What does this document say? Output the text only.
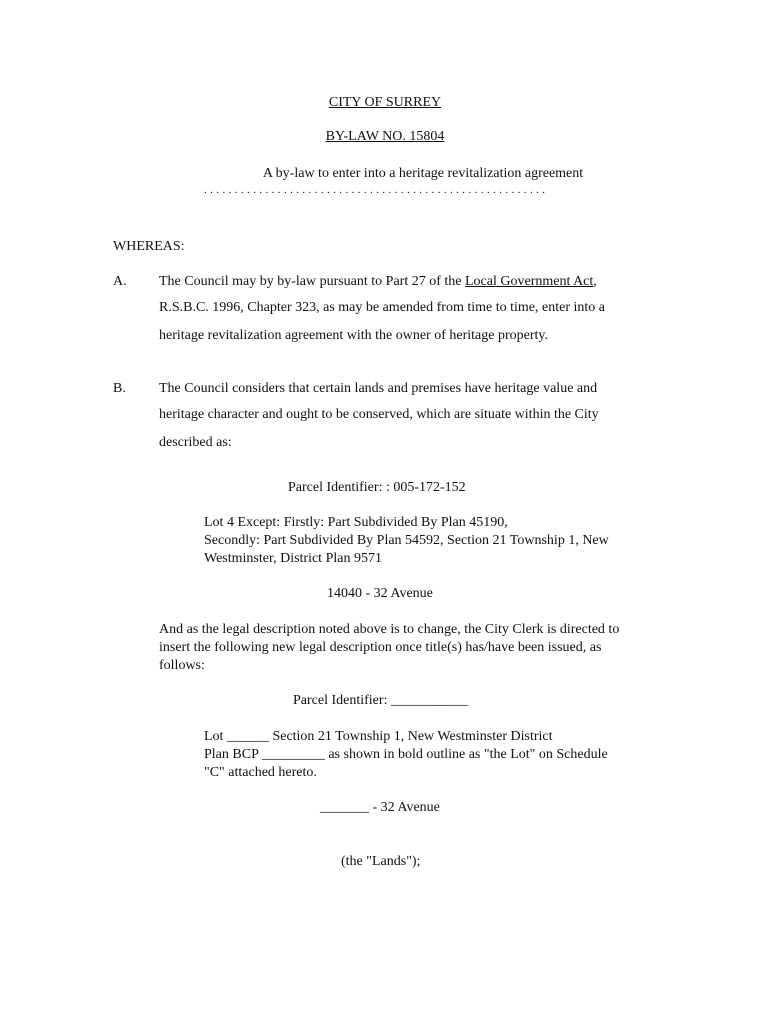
CITY OF SURREY
BY-LAW NO. 15804
A by-law to enter into a heritage revitalization agreement
........................................................
WHEREAS:
A. The Council may by by-law pursuant to Part 27 of the Local Government Act,
R.S.B.C. 1996, Chapter 323, as may be amended from time to time, enter into a
heritage revitalization agreement with the owner of heritage property.
B. The Council considers that certain lands and premises have heritage value and
heritage character and ought to be conserved, which are situate within the City
described as:
Parcel Identifier: : 005-172-152
Lot 4 Except: Firstly: Part Subdivided By Plan 45190,
Secondly: Part Subdivided By Plan 54592, Section 21 Township 1, New
Westminster, District Plan 9571
14040 - 32 Avenue
And as the legal description noted above is to change, the City Clerk is directed to
insert the following new legal description once title(s) has/have been issued, as
follows:
Parcel Identifier: ___________
Lot ______ Section 21 Township 1, New Westminster District
Plan BCP _________ as shown in bold outline as "the Lot" on Schedule
"C" attached hereto.
_______ - 32 Avenue
(the "Lands");
